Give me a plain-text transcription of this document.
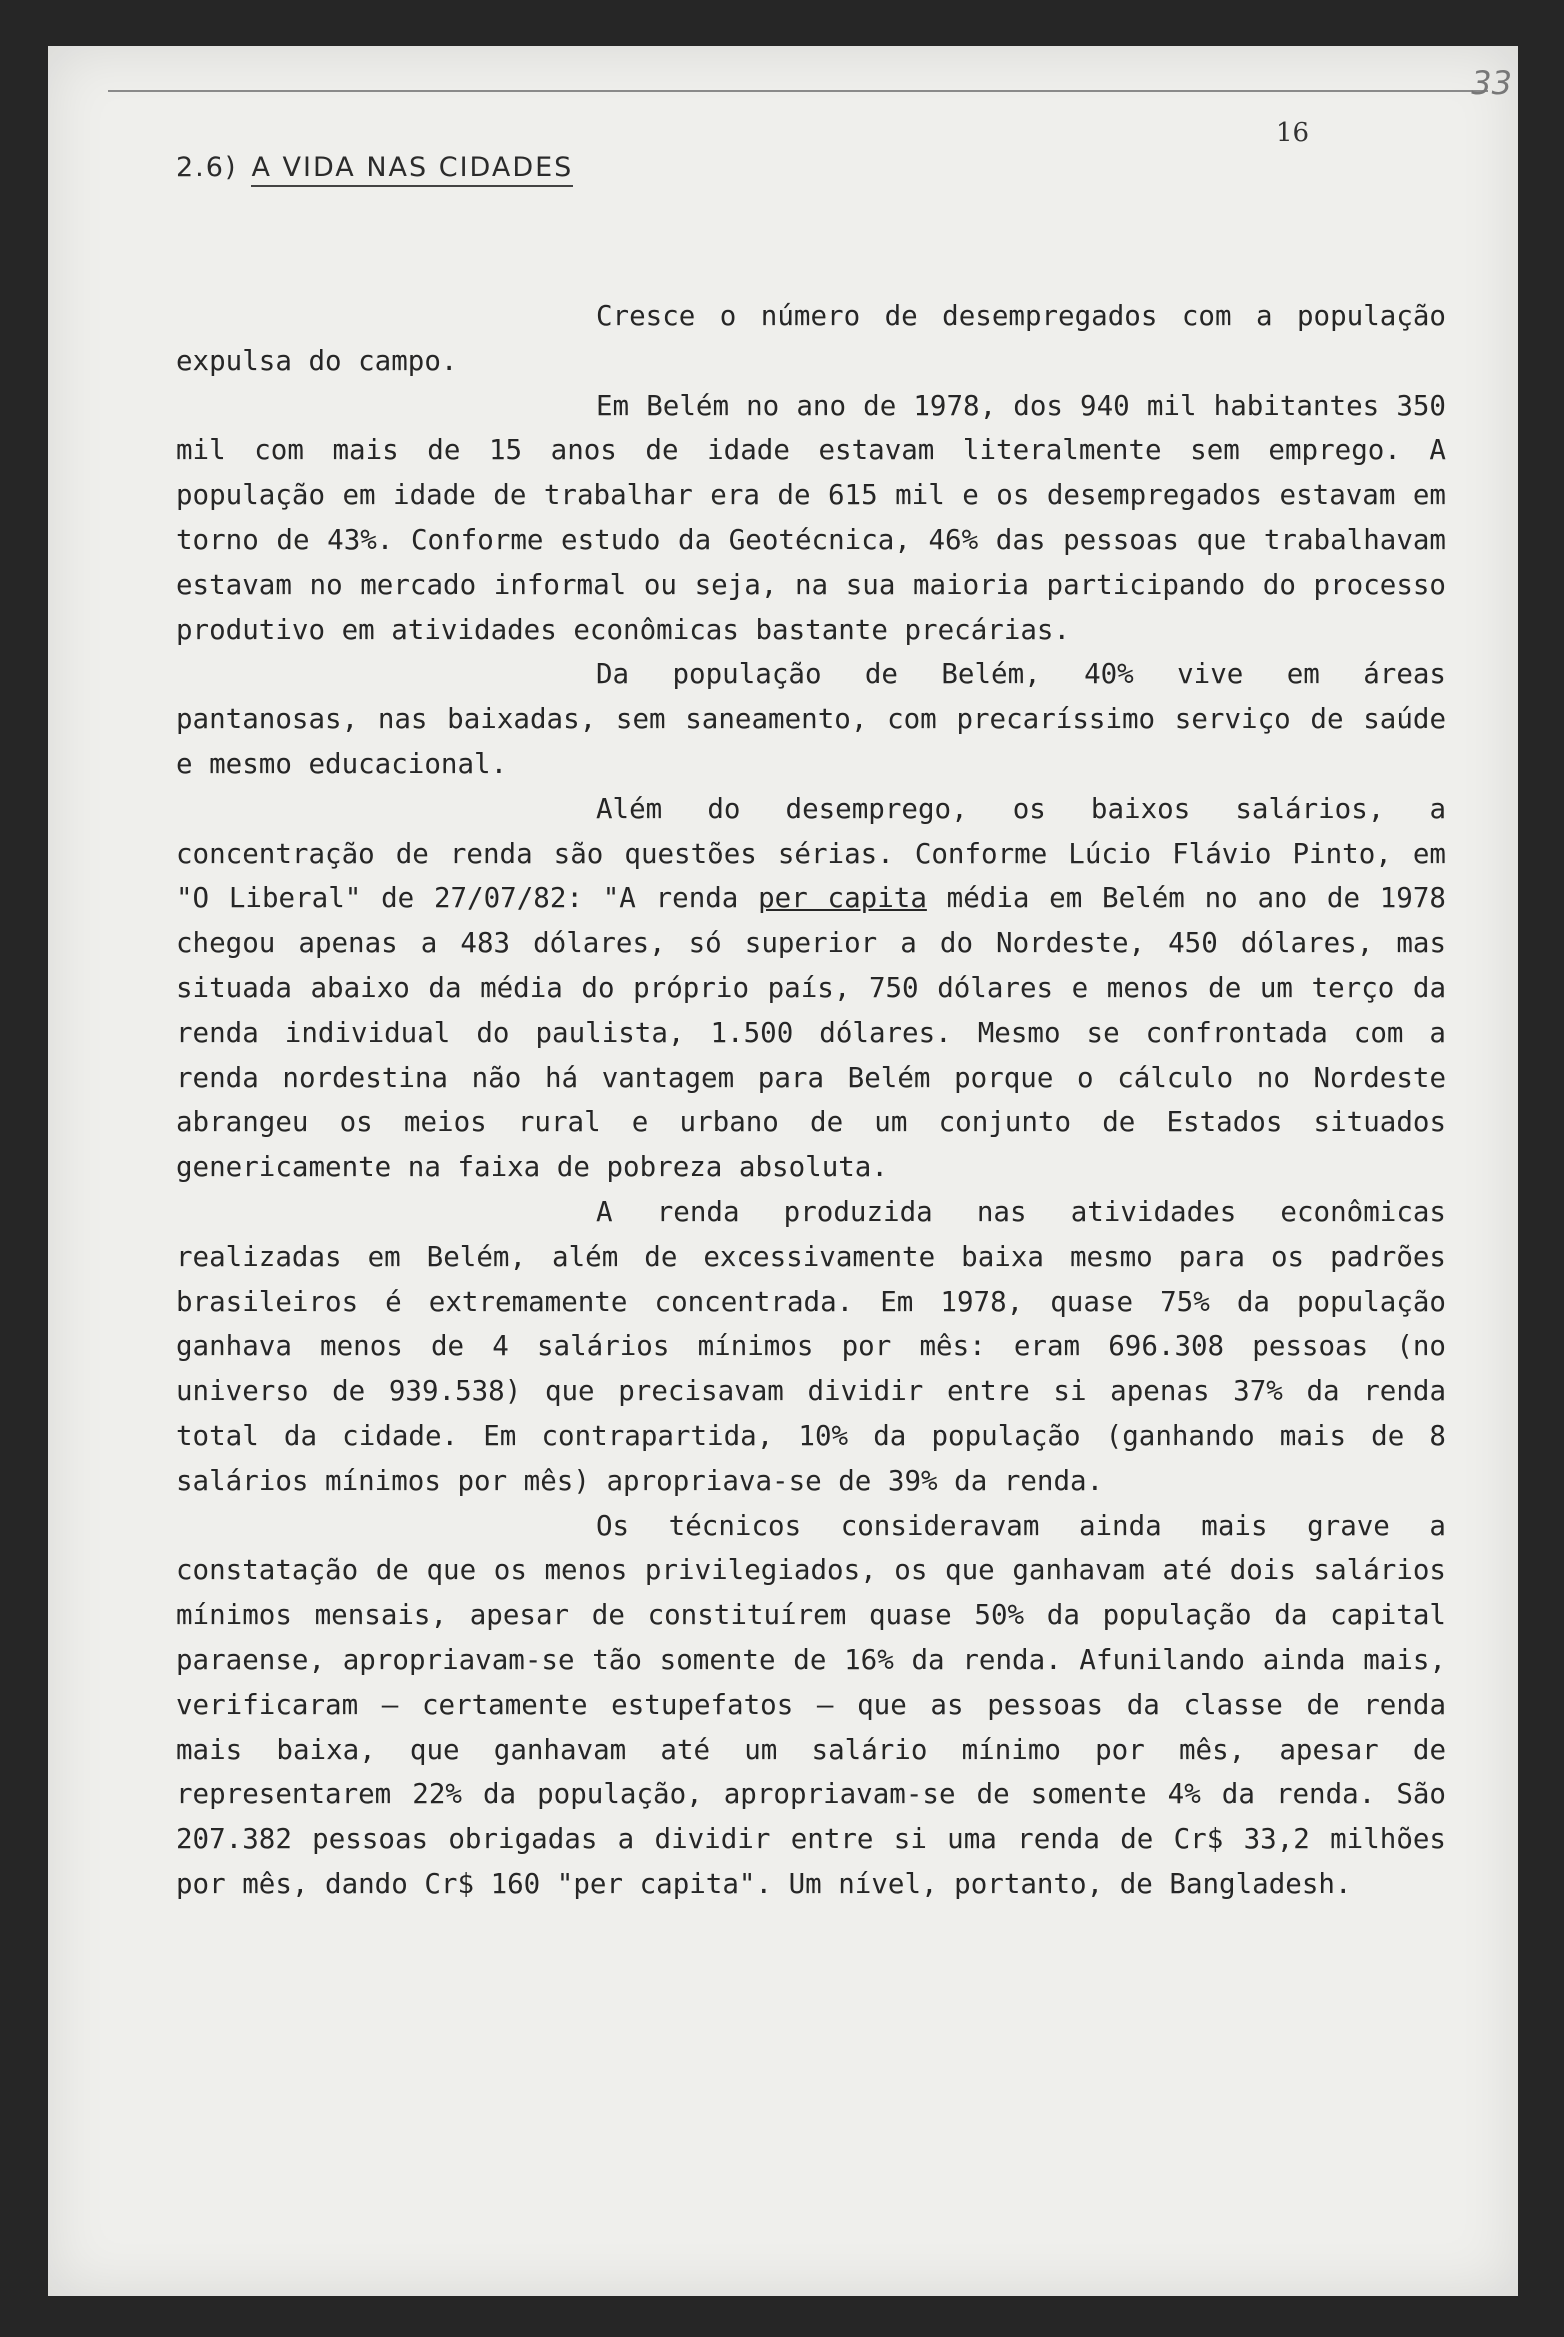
33
16
2.6) A VIDA NAS CIDADES

Cresce o número de desempregados com a população expulsa do campo.

Em Belém no ano de 1978, dos 940 mil habitantes 350 mil com mais de 15 anos de idade estavam literalmente sem emprego. A população em idade de trabalhar era de 615 mil e os desempregados estavam em torno de 43%. Conforme estudo da Geotécnica, 46% das pessoas que trabalhavam estavam no mercado informal ou seja, na sua maioria participando do processo produtivo em atividades econômicas bastante precárias.

Da população de Belém, 40% vive em áreas pantanosas, nas baixadas, sem saneamento, com precaríssimo serviço de saúde e mesmo educacional.

Além do desemprego, os baixos salários, a concentração de renda são questões sérias. Conforme Lúcio Flávio Pinto, em "O Liberal" de 27/07/82: "A renda per capita média em Belém no ano de 1978 chegou apenas a 483 dólares, só superior a do Nordeste, 450 dólares, mas situada abaixo da média do próprio país, 750 dólares e menos de um terço da renda individual do paulista, 1.500 dólares. Mesmo se confrontada com a renda nordestina não há vantagem para Belém porque o cálculo no Nordeste abrangeu os meios rural e urbano de um conjunto de Estados situados genericamente na faixa de pobreza absoluta.

A renda produzida nas atividades econômicas realizadas em Belém, além de excessivamente baixa mesmo para os padrões brasileiros é extremamente concentrada. Em 1978, quase 75% da população ganhava menos de 4 salários mínimos por mês: eram 696.308 pessoas (no universo de 939.538) que precisavam dividir entre si apenas 37% da renda total da cidade. Em contrapartida, 10% da população (ganhando mais de 8 salários mínimos por mês) apropriava-se de 39% da renda.

Os técnicos consideravam ainda mais grave a constatação de que os menos privilegiados, os que ganhavam até dois salários mínimos mensais, apesar de constituírem quase 50% da população da capital paraense, apropriavam-se tão somente de 16% da renda. Afunilando ainda mais, verificaram – certamente estupefatos – que as pessoas da classe de renda mais baixa, que ganhavam até um salário mínimo por mês, apesar de representarem 22% da população, apropriavam-se de somente 4% da renda. São 207.382 pessoas obrigadas a dividir entre si uma renda de Cr$ 33,2 milhões por mês, dando Cr$ 160 "per capita". Um nível, portanto, de Bangladesh.
